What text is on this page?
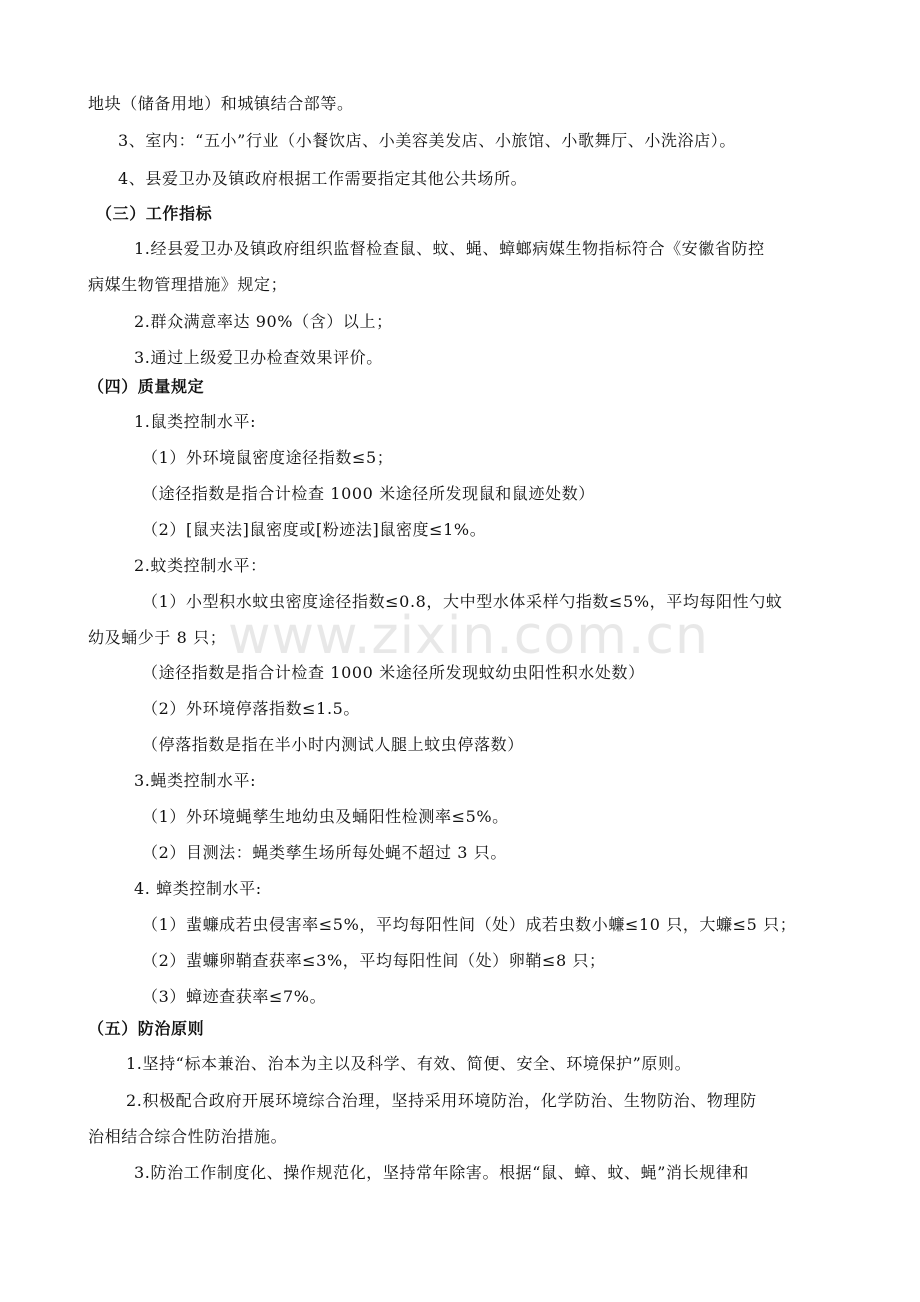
www.zixin.com.cn
地块（储备用地）和城镇结合部等。
3、室内：“五小”行业（小餐饮店、小美容美发店、小旅馆、小歌舞厅、小洗浴店）。
4、县爱卫办及镇政府根据工作需要指定其他公共场所。
（三）工作指标
1.经县爱卫办及镇政府组织监督检查鼠、蚊、蝇、蟑螂病媒生物指标符合《安徽省防控
病媒生物管理措施》规定；
2.群众满意率达 90%（含）以上；
3.通过上级爱卫办检查效果评价。
（四）质量规定
1.鼠类控制水平:
（1）外环境鼠密度途径指数≤5；
（途径指数是指合计检查 1000 米途径所发现鼠和鼠迹处数）
（2）[鼠夹法]鼠密度或[粉迹法]鼠密度≤1%。
2.蚊类控制水平：
（1）小型积水蚊虫密度途径指数≤0.8，大中型水体采样勺指数≤5%，平均每阳性勺蚊
幼及蛹少于 8 只；
（途径指数是指合计检查 1000 米途径所发现蚊幼虫阳性积水处数）
（2）外环境停落指数≤1.5。
（停落指数是指在半小时内测试人腿上蚊虫停落数）
3.蝇类控制水平:
（1）外环境蝇孳生地幼虫及蛹阳性检测率≤5%。
（2）目测法：蝇类孳生场所每处蝇不超过 3 只。
4. 蟑类控制水平:
（1）蜚蠊成若虫侵害率≤5%，平均每阳性间（处）成若虫数小蠊≤10 只，大蠊≤5 只；
（2）蜚蠊卵鞘查获率≤3%，平均每阳性间（处）卵鞘≤8 只；
（3）蟑迹查获率≤7%。
（五）防治原则
1.坚持“标本兼治、治本为主以及科学、有效、简便、安全、环境保护”原则。
2.积极配合政府开展环境综合治理，坚持采用环境防治，化学防治、生物防治、物理防
治相结合综合性防治措施。
3.防治工作制度化、操作规范化，坚持常年除害。根据“鼠、蟑、蚊、蝇”消长规律和
